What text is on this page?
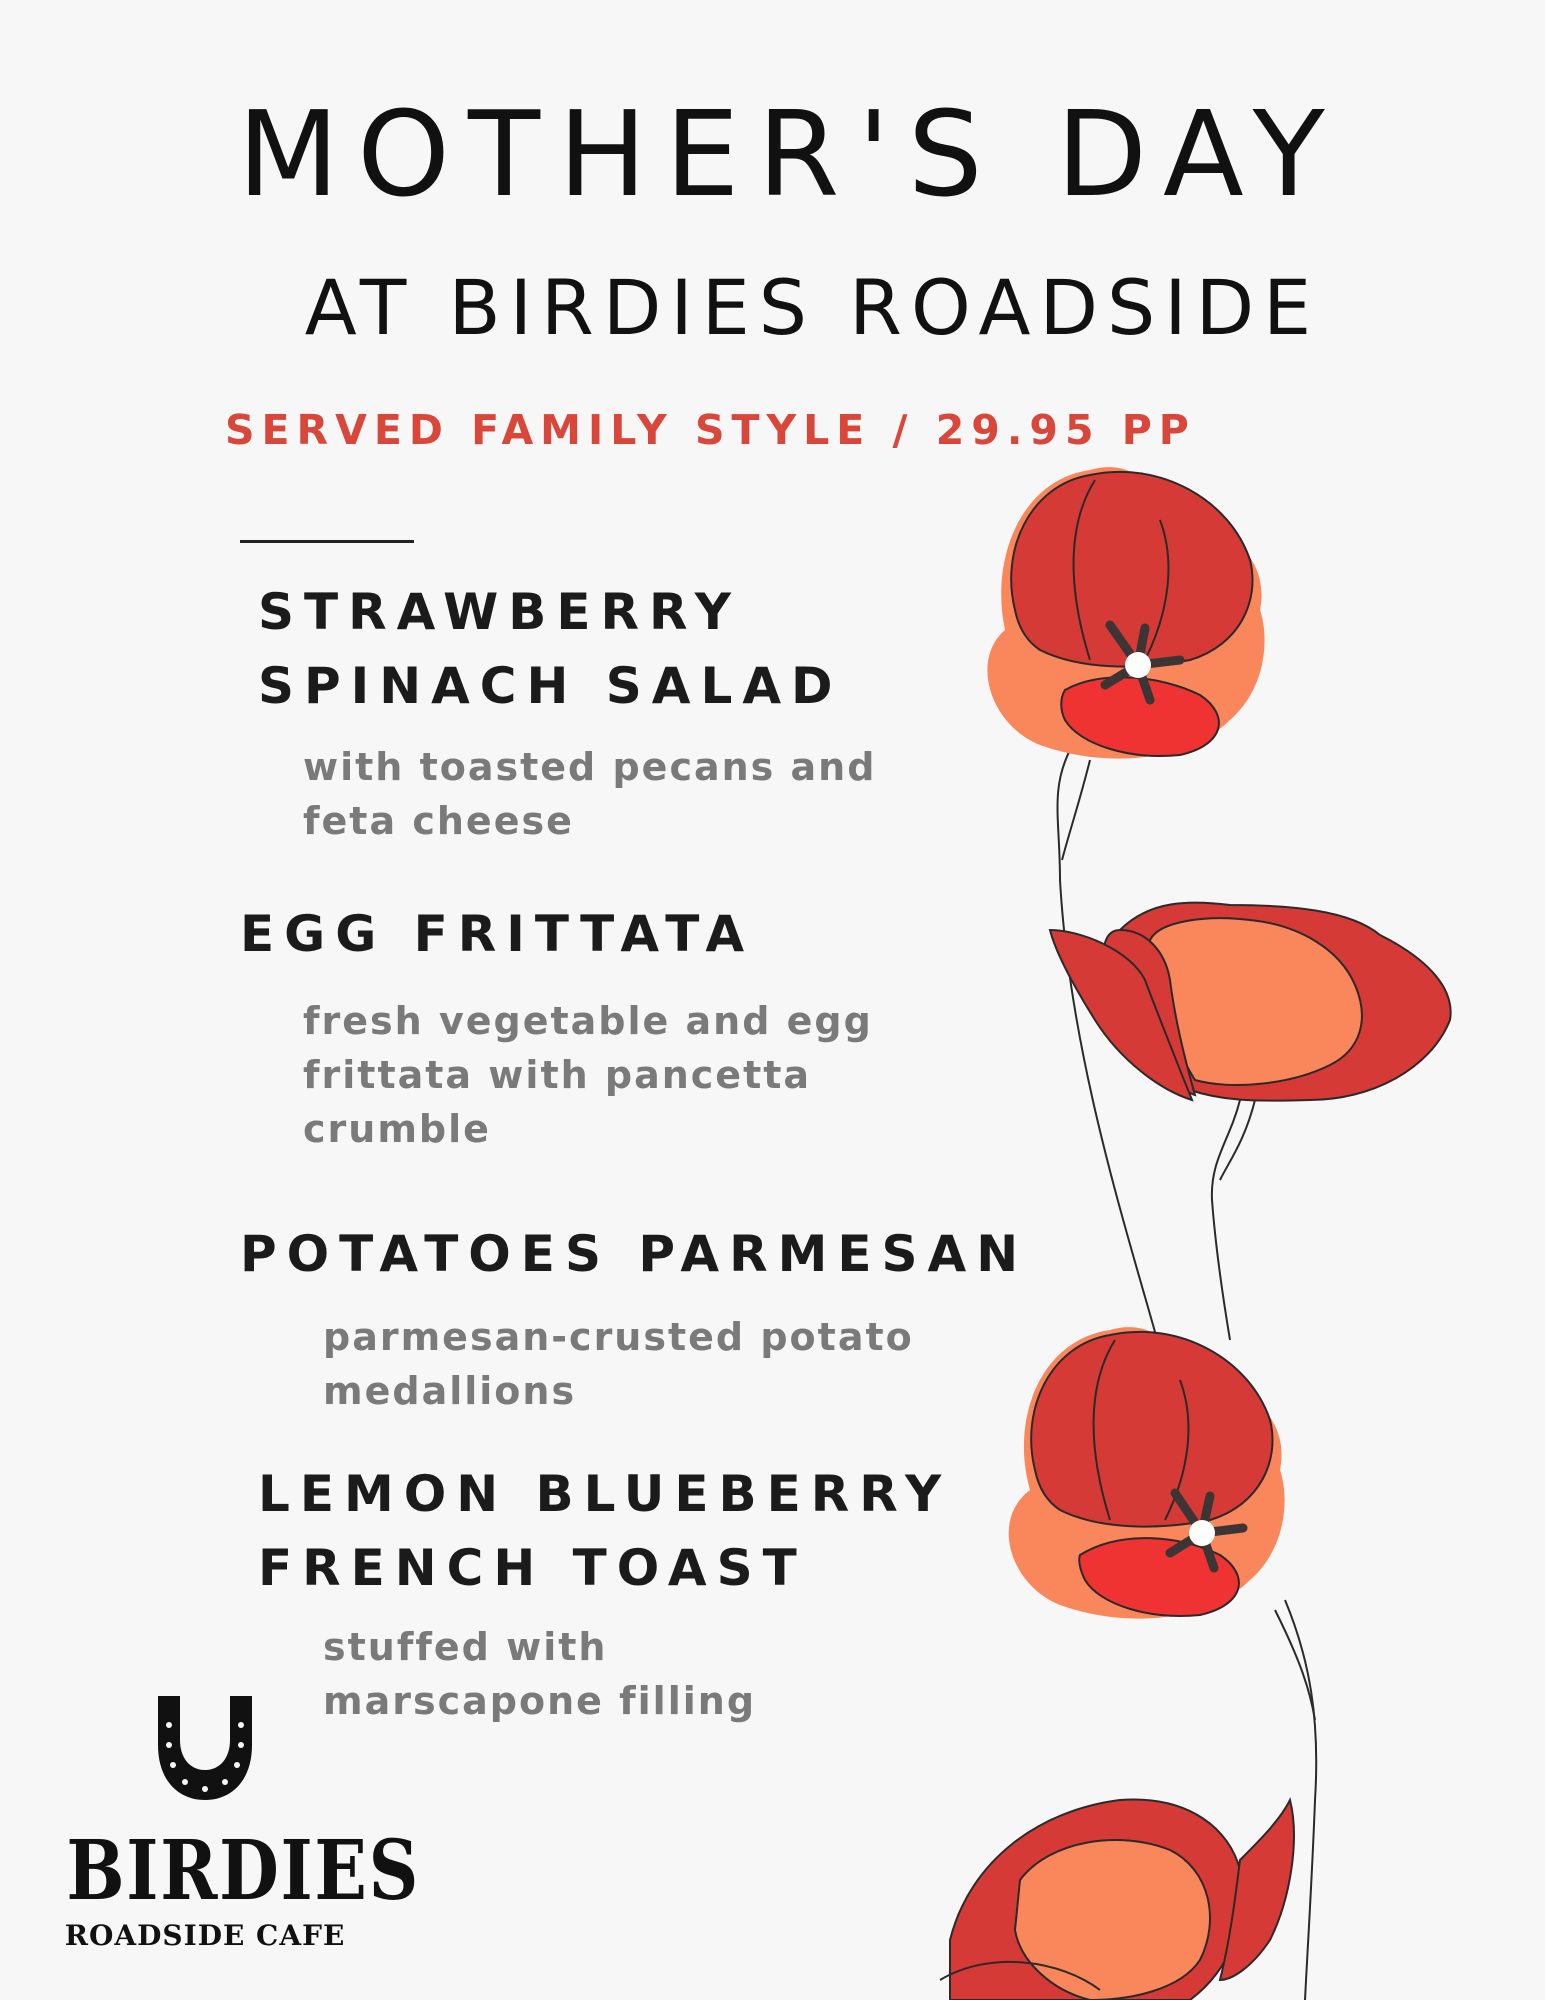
MOTHER'S DAY
AT BIRDIES ROADSIDE
SERVED FAMILY STYLE / 29.95 PP
STRAWBERRY
SPINACH SALAD
with toasted pecans and
feta cheese
EGG FRITTATA
fresh vegetable and egg
frittata with pancetta
crumble
POTATOES PARMESAN
parmesan-crusted potato
medallions
LEMON BLUEBERRY
FRENCH TOAST
stuffed with
marscapone filling
BIRDIES
ROADSIDE CAFE
